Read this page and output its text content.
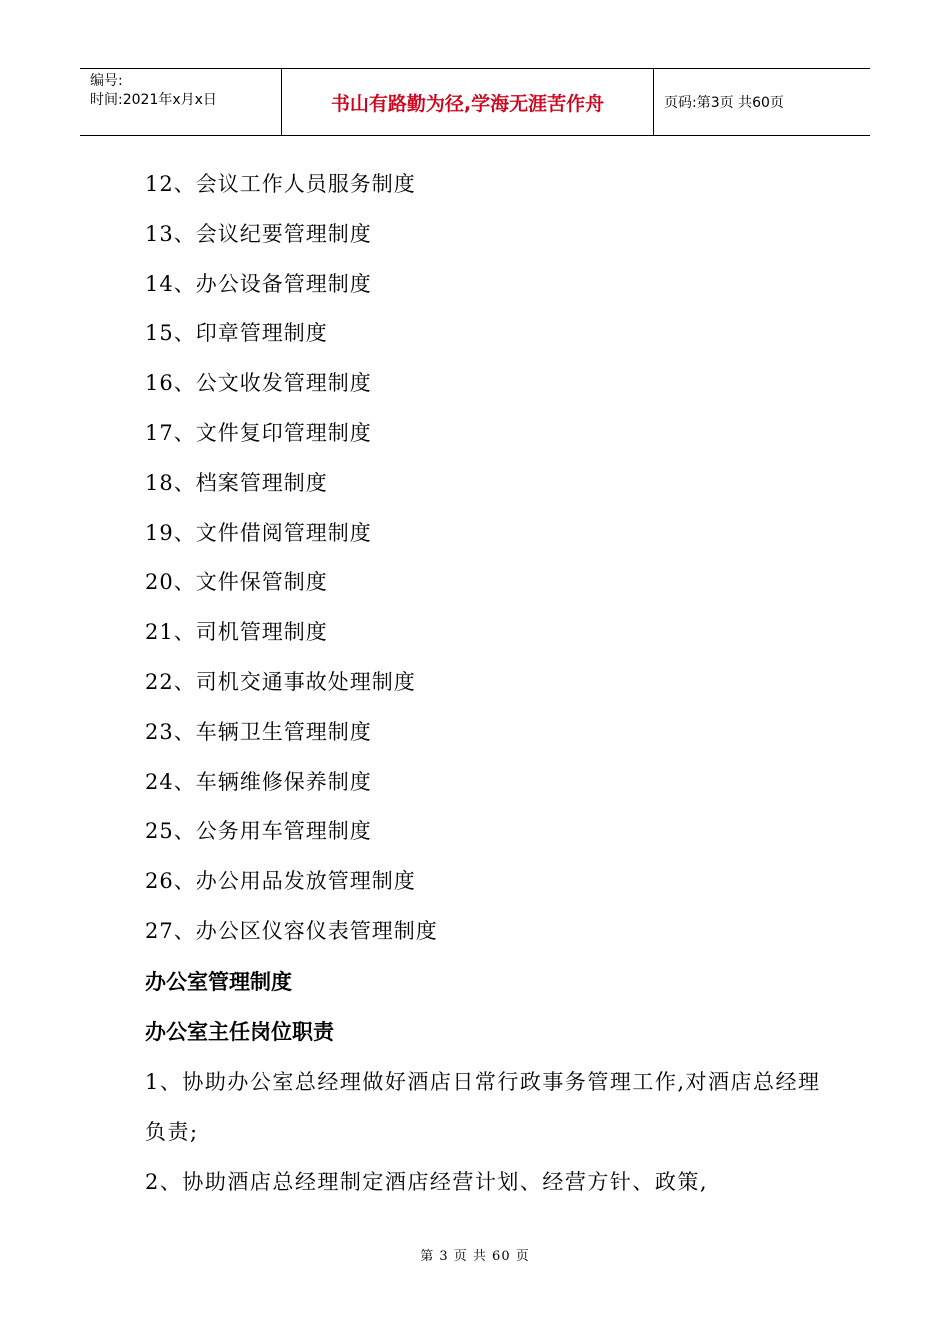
编号:
时间:2021年x月x日	书山有路勤为径,学海无涯苦作舟	页码:第3页 共60页
12、会议工作人员服务制度
13、会议纪要管理制度
14、办公设备管理制度
15、印章管理制度
16、公文收发管理制度
17、文件复印管理制度
18、档案管理制度
19、文件借阅管理制度
20、文件保管制度
21、司机管理制度
22、司机交通事故处理制度
23、车辆卫生管理制度
24、车辆维修保养制度
25、公务用车管理制度
26、办公用品发放管理制度
27、办公区仪容仪表管理制度
办公室管理制度
办公室主任岗位职责
1、协助办公室总经理做好酒店日常行政事务管理工作,对酒店总经理负责;
2、协助酒店总经理制定酒店经营计划、经营方针、政策,
第 3 页 共 60 页
